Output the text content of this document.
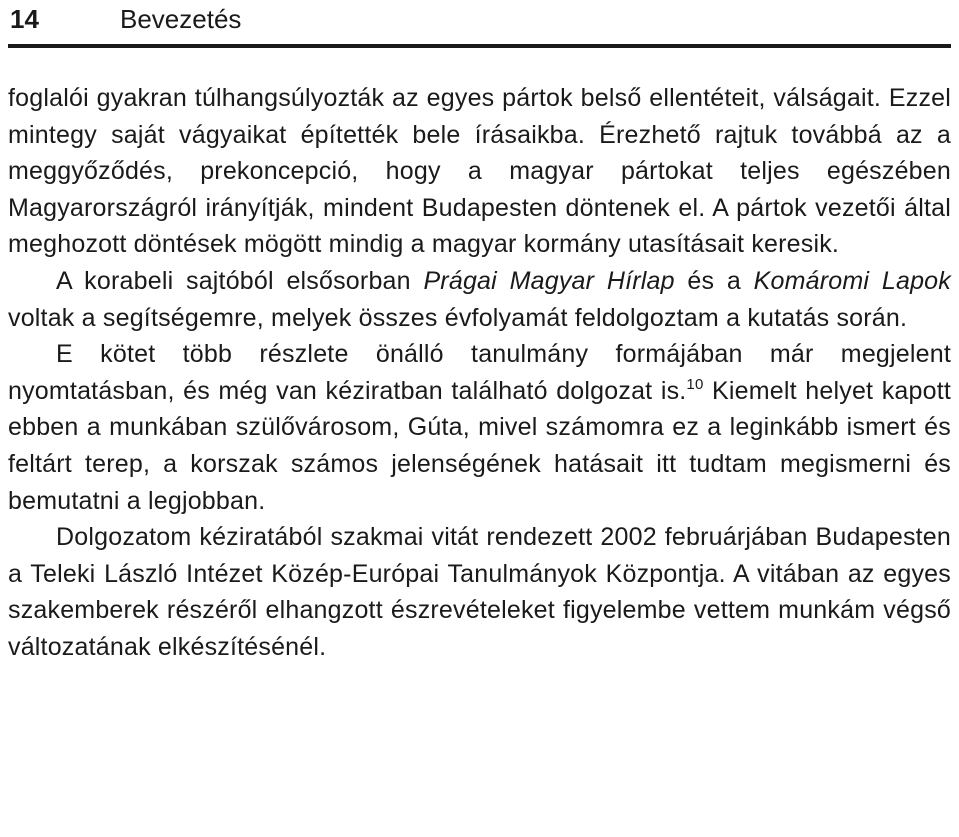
14	Bevezetés

foglalói gyakran túlhangsúlyozták az egyes pártok belső ellentéteit, válságait. Ezzel mintegy saját vágyaikat építették bele írásaikba. Érezhető rajtuk továbbá az a meggyőződés, prekoncepció, hogy a magyar pártokat teljes egészében Magyarországról irányítják, mindent Budapesten döntenek el. A pártok vezetői által meghozott döntések mögött mindig a magyar kormány utasításait keresik.

A korabeli sajtóból elsősorban Prágai Magyar Hírlap és a Komáromi Lapok voltak a segítségemre, melyek összes évfolyamát feldolgoztam a kutatás során.

E kötet több részlete önálló tanulmány formájában már megjelent nyomtatásban, és még van kéziratban található dolgozat is.$^{10}$ Kiemelt helyet kapott ebben a munkában szülővárosom, Gúta, mivel számomra ez a leginkább ismert és feltárt terep, a korszak számos jelenségének hatásait itt tudtam megismerni és bemutatni a legjobban.

Dolgozatom kéziratából szakmai vitát rendezett 2002 februárjában Budapesten a Teleki László Intézet Közép-Európai Tanulmányok Központja. A vitában az egyes szakemberek részéről elhangzott észrevételeket figyelembe vettem munkám végső változatának elkészítésénél.
